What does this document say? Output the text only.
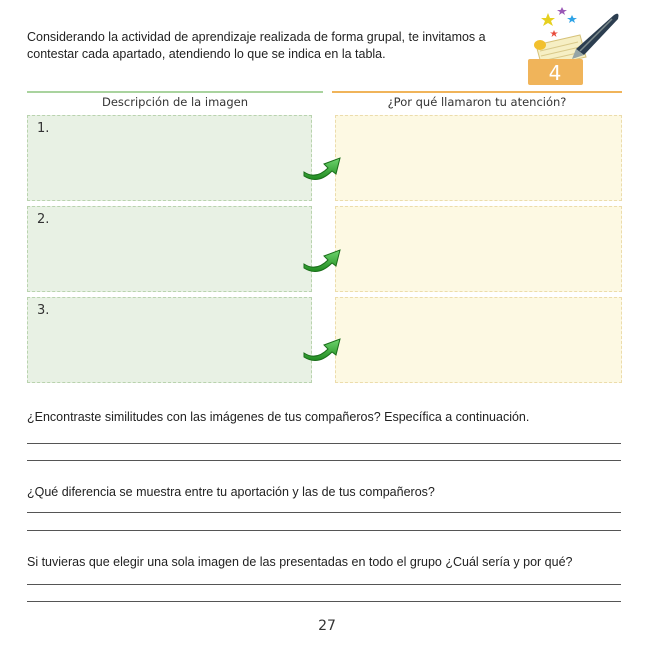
Considerando la actividad de aprendizaje realizada de forma grupal, te invitamos a
contestar cada apartado, atendiendo lo que se indica en la tabla.
4
Descripción de la imagen	¿Por qué llamaron tu atención?
1.
2.
3.
¿Encontraste similitudes con las imágenes de tus compañeros? Específica a continuación.
¿Qué diferencia se muestra entre tu aportación y las de tus compañeros?
Si tuvieras que elegir una sola imagen de las presentadas en todo el grupo ¿Cuál sería y por qué?
27
